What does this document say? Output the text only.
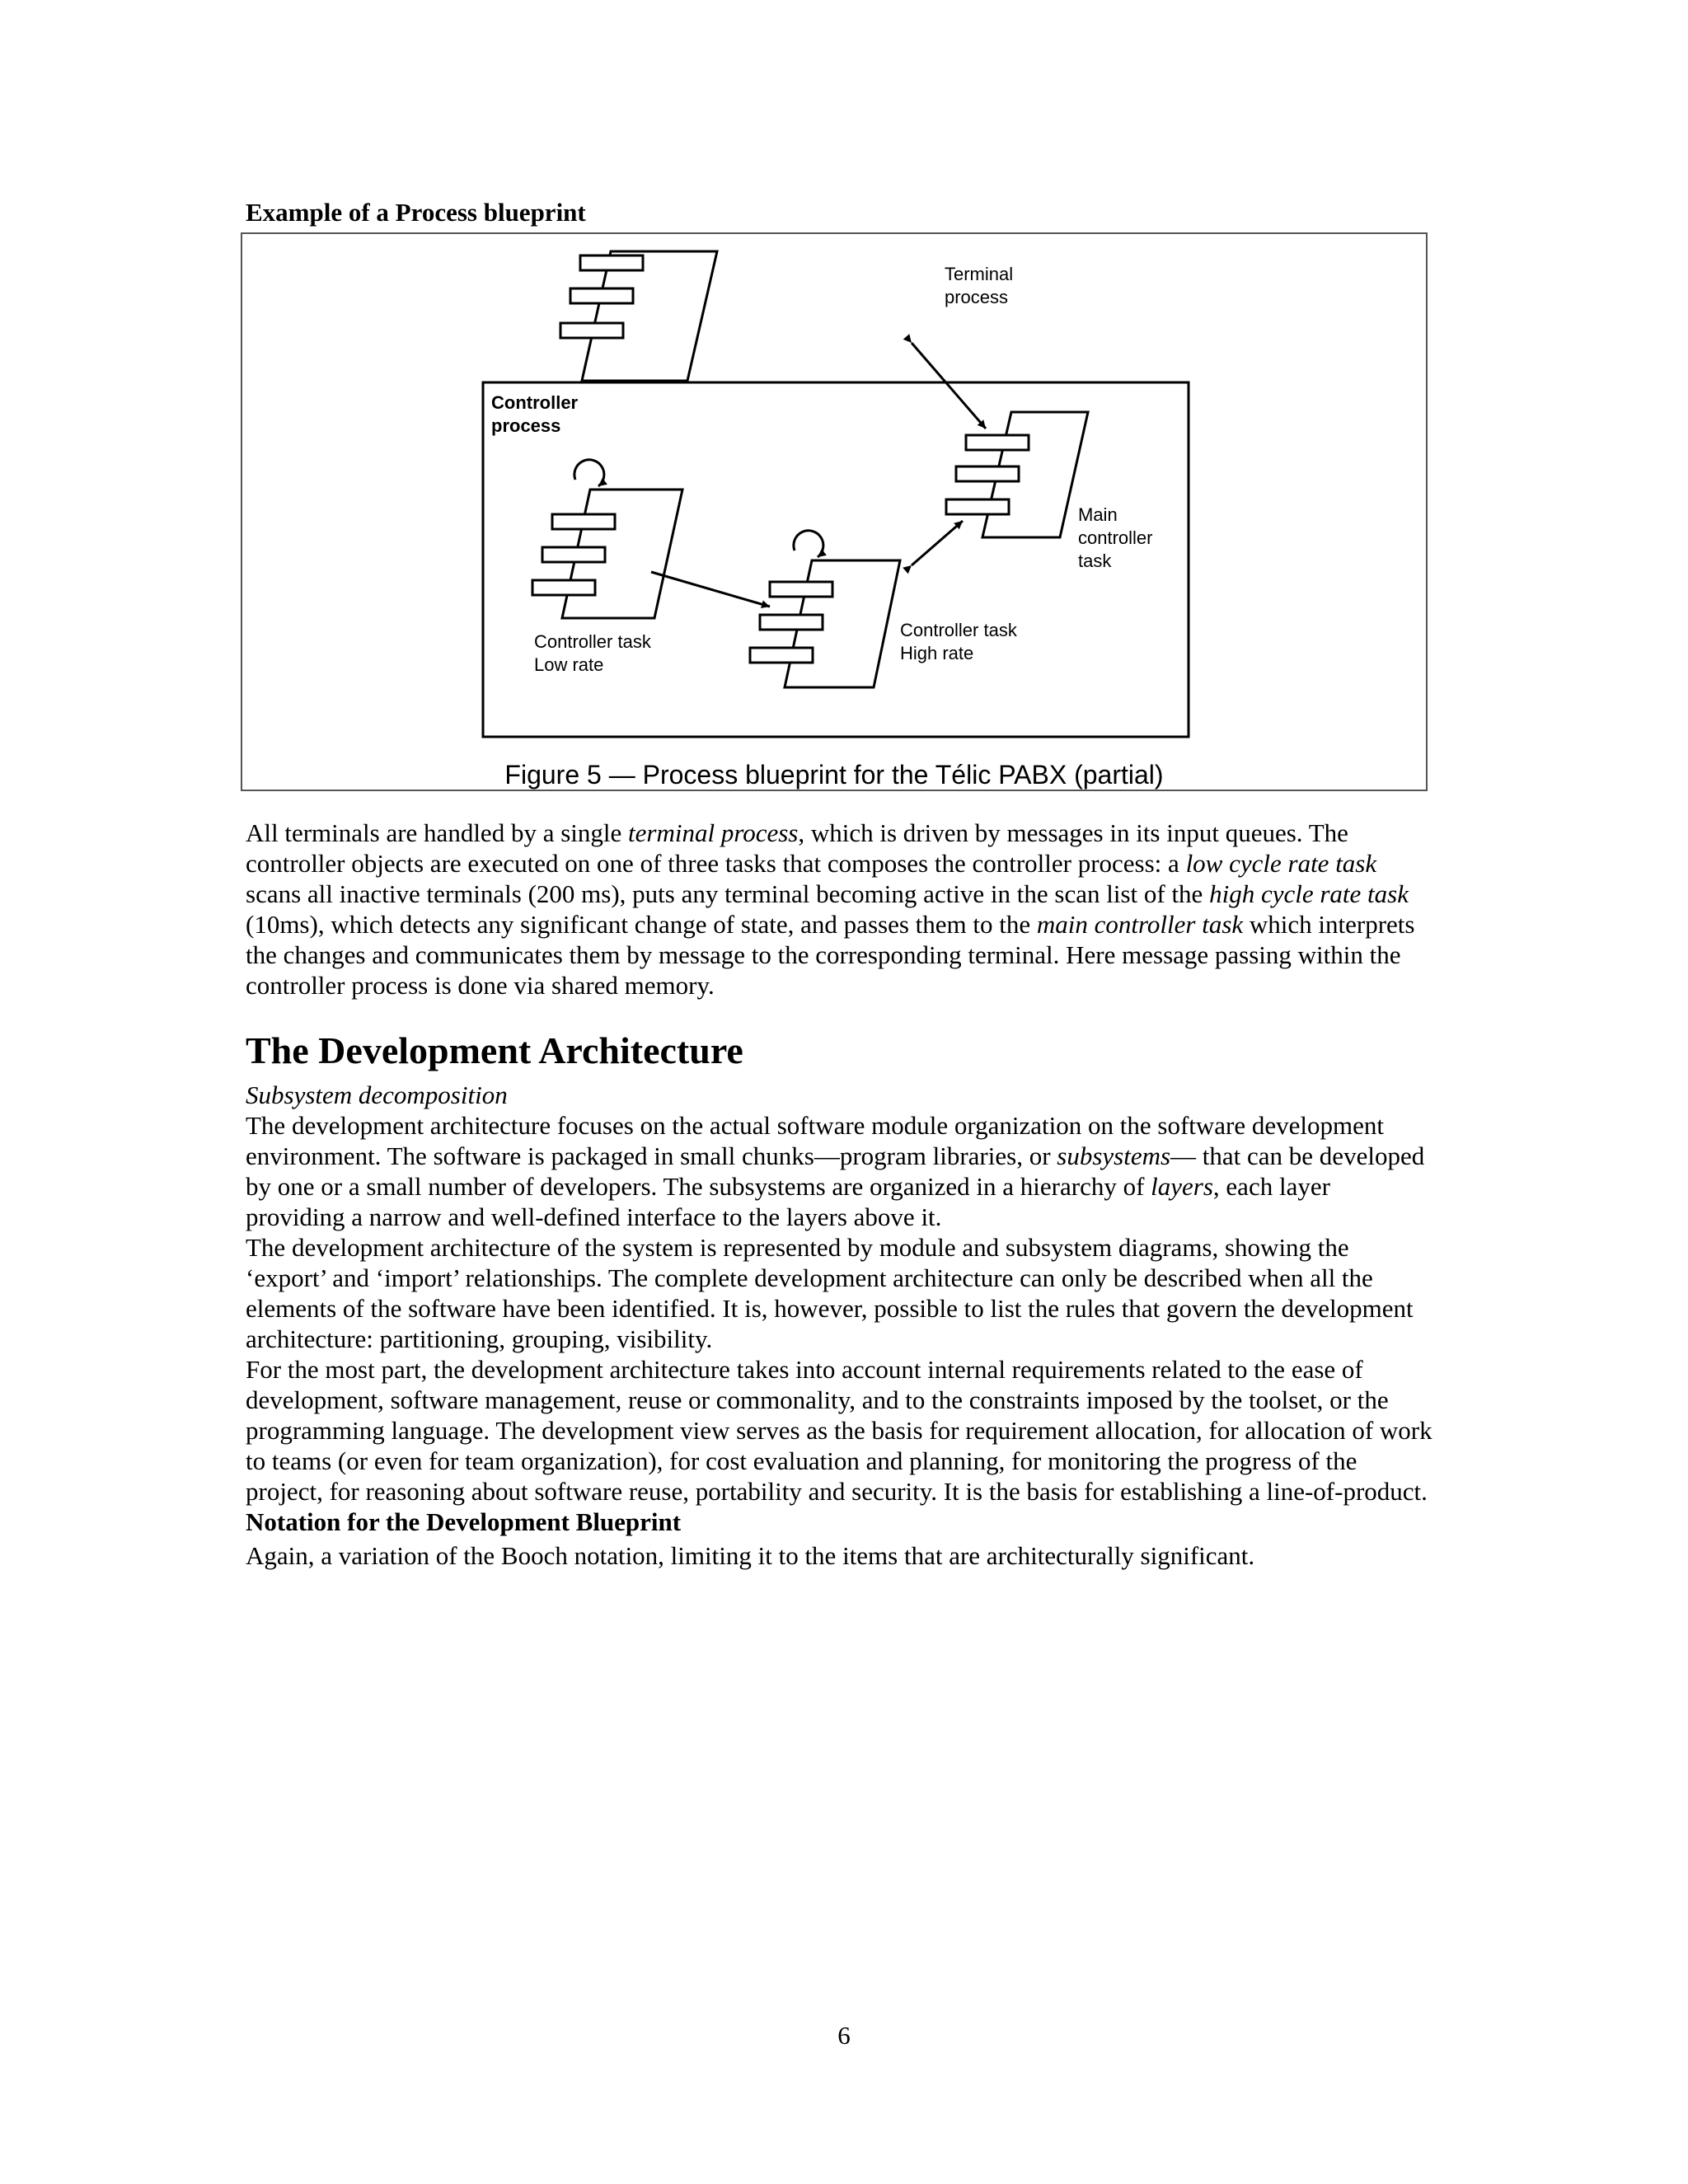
Example of a Process blueprint
Terminal
process
Controller
process
Main
controller
task
Controller task
Low rate
Controller task
High rate
Figure 5 — Process blueprint for the Télic PABX (partial)
All terminals are handled by a single terminal process, which is driven by messages in its input queues. The controller objects are executed on one of three tasks that composes the controller process: a low cycle rate task scans all inactive terminals (200 ms), puts any terminal becoming active in the scan list of the high cycle rate task (10ms), which detects any significant change of state, and passes them to the main controller task which interprets the changes and communicates them by message to the corresponding terminal. Here message passing within the controller process is done via shared memory.
The Development Architecture
Subsystem decomposition
The development architecture focuses on the actual software module organization on the software development environment. The software is packaged in small chunks—program libraries, or subsystems— that can be developed by one or a small number of developers. The subsystems are organized in a hierarchy of layers, each layer providing a narrow and well-defined interface to the layers above it.
The development architecture of the system is represented by module and subsystem diagrams, showing the ‘export’ and ‘import’ relationships. The complete development architecture can only be described when all the elements of the software have been identified. It is, however, possible to list the rules that govern the development architecture: partitioning, grouping, visibility.
For the most part, the development architecture takes into account internal requirements related to the ease of development, software management, reuse or commonality, and to the constraints imposed by the toolset, or the programming language. The development view serves as the basis for requirement allocation, for allocation of work to teams (or even for team organization), for cost evaluation and planning, for monitoring the progress of the project, for reasoning about software reuse, portability and security. It is the basis for establishing a line-of-product.
Notation for the Development Blueprint
Again, a variation of the Booch notation, limiting it to the items that are architecturally significant.
6
